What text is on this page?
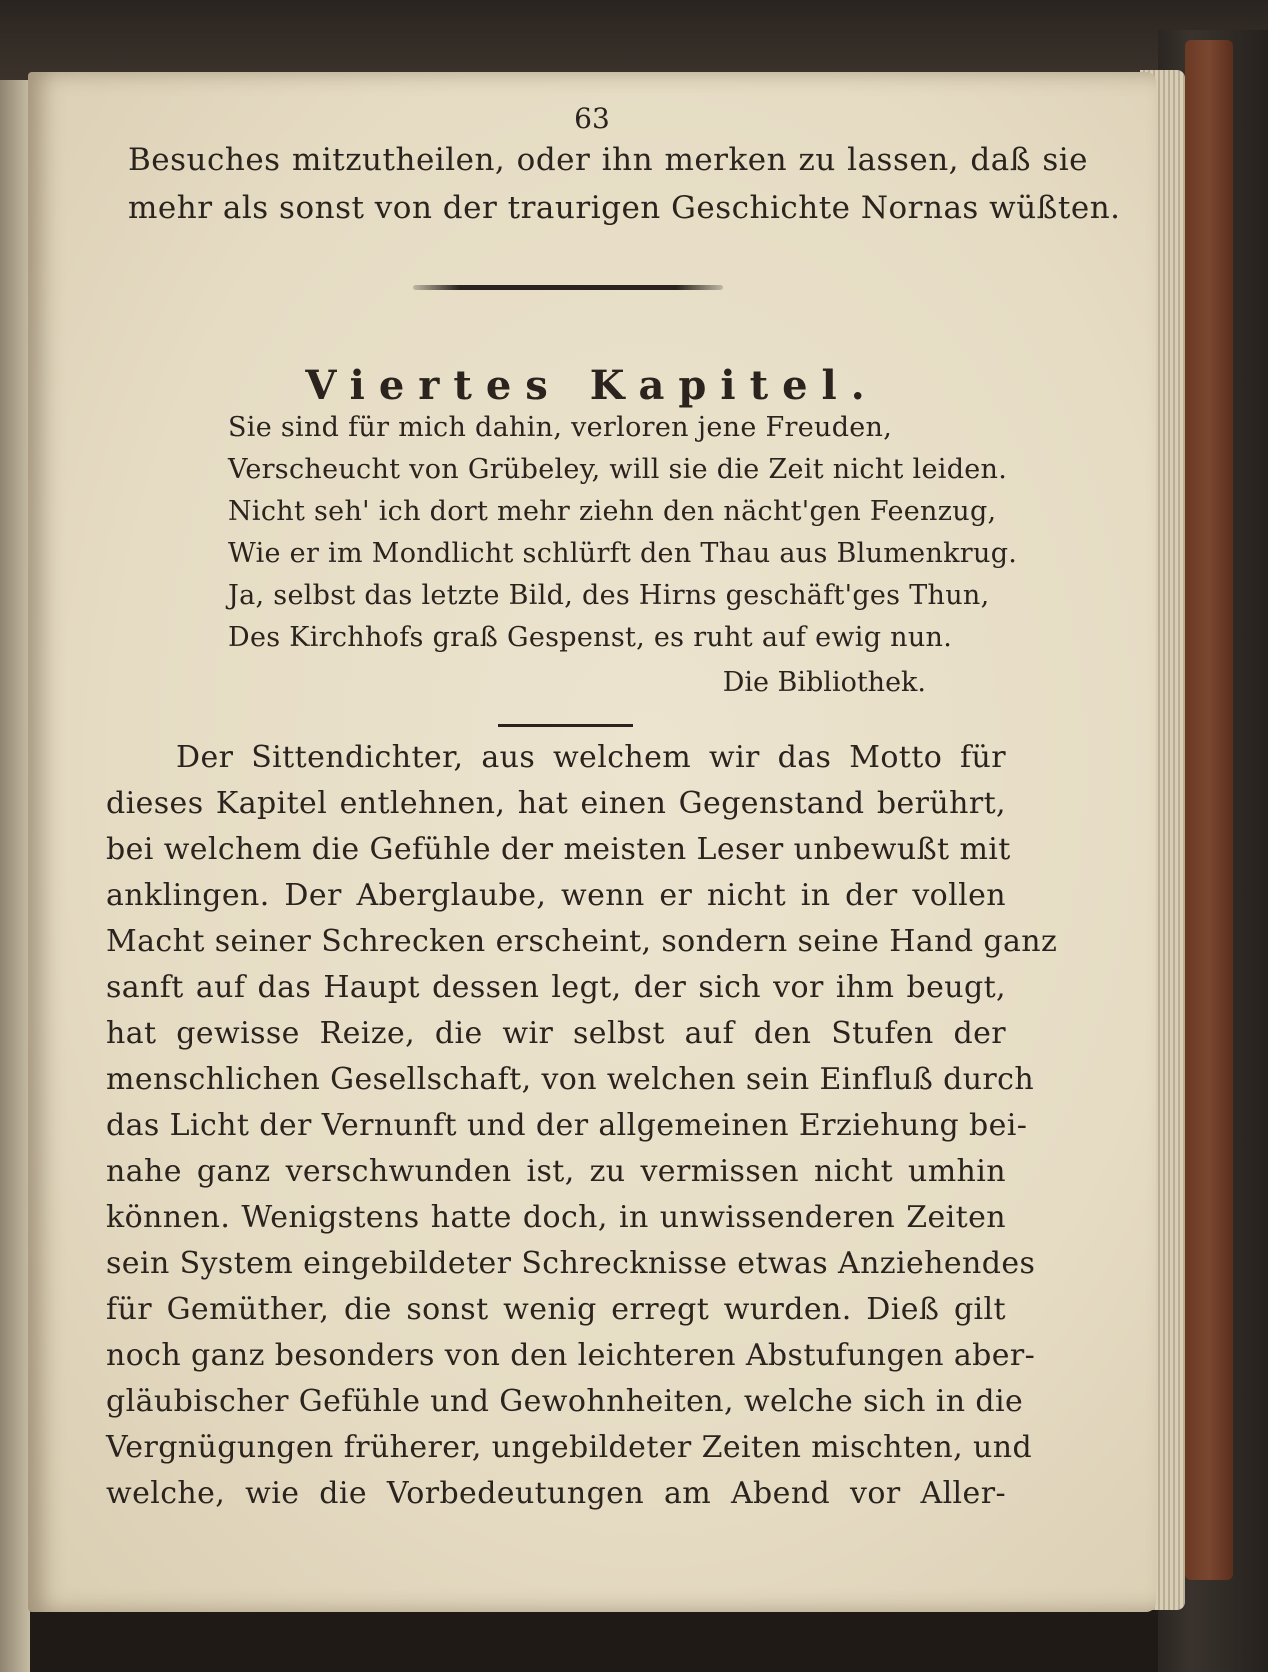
63
Besuches mitzutheilen, oder ihn merken zu lassen, daß sie
mehr als sonst von der traurigen Geschichte Nornas wüßten.
Viertes Kapitel.
Sie sind für mich dahin, verloren jene Freuden,
Verscheucht von Grübeley, will sie die Zeit nicht leiden.
Nicht seh' ich dort mehr ziehn den nächt'gen Feenzug,
Wie er im Mondlicht schlürft den Thau aus Blumenkrug.
Ja, selbst das letzte Bild, des Hirns geschäft'ges Thun,
Des Kirchhofs graß Gespenst, es ruht auf ewig nun.
Die Bibliothek.
Der Sittendichter, aus welchem wir das Motto für
dieses Kapitel entlehnen, hat einen Gegenstand berührt,
bei welchem die Gefühle der meisten Leser unbewußt mit
anklingen. Der Aberglaube, wenn er nicht in der vollen
Macht seiner Schrecken erscheint, sondern seine Hand ganz
sanft auf das Haupt dessen legt, der sich vor ihm beugt,
hat gewisse Reize, die wir selbst auf den Stufen der
menschlichen Gesellschaft, von welchen sein Einfluß durch
das Licht der Vernunft und der allgemeinen Erziehung bei-
nahe ganz verschwunden ist, zu vermissen nicht umhin
können. Wenigstens hatte doch, in unwissenderen Zeiten
sein System eingebildeter Schrecknisse etwas Anziehendes
für Gemüther, die sonst wenig erregt wurden. Dieß gilt
noch ganz besonders von den leichteren Abstufungen aber-
gläubischer Gefühle und Gewohnheiten, welche sich in die
Vergnügungen früherer, ungebildeter Zeiten mischten, und
welche, wie die Vorbedeutungen am Abend vor Aller-
